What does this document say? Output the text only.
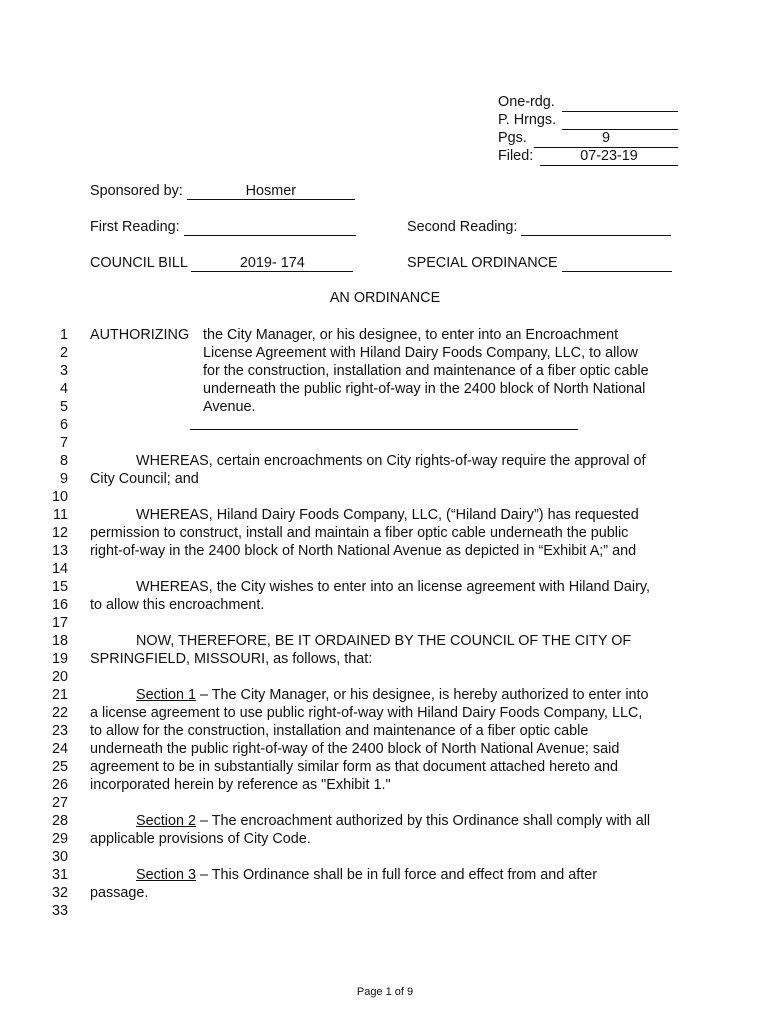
One-rdg.
P. Hrngs.
Pgs.	9
Filed:	07-23-19
Sponsored by:	Hosmer
First Reading:	Second Reading:
COUNCIL BILL	2019- 174	SPECIAL ORDINANCE
AN ORDINANCE
1
2
3
4
5
6
7
8
9
10
11
12
13
14
15
16
17
18
19
20
21
22
23
24
25
26
27
28
29
30
31
32
33
AUTHORIZING the City Manager, or his designee, to enter into an Encroachment
License Agreement with Hiland Dairy Foods Company, LLC, to allow
for the construction, installation and maintenance of a fiber optic cable
underneath the public right-of-way in the 2400 block of North National
Avenue.
WHEREAS, certain encroachments on City rights-of-way require the approval of
City Council; and
WHEREAS, Hiland Dairy Foods Company, LLC, (“Hiland Dairy”) has requested
permission to construct, install and maintain a fiber optic cable underneath the public
right-of-way in the 2400 block of North National Avenue as depicted in “Exhibit A;” and
WHEREAS, the City wishes to enter into an license agreement with Hiland Dairy,
to allow this encroachment.
NOW, THEREFORE, BE IT ORDAINED BY THE COUNCIL OF THE CITY OF
SPRINGFIELD, MISSOURI, as follows, that:
Section 1 – The City Manager, or his designee, is hereby authorized to enter into
a license agreement to use public right-of-way with Hiland Dairy Foods Company, LLC,
to allow for the construction, installation and maintenance of a fiber optic cable
underneath the public right-of-way of the 2400 block of North National Avenue; said
agreement to be in substantially similar form as that document attached hereto and
incorporated herein by reference as "Exhibit 1."
Section 2 – The encroachment authorized by this Ordinance shall comply with all
applicable provisions of City Code.
Section 3 – This Ordinance shall be in full force and effect from and after
passage.
Page 1 of 9
